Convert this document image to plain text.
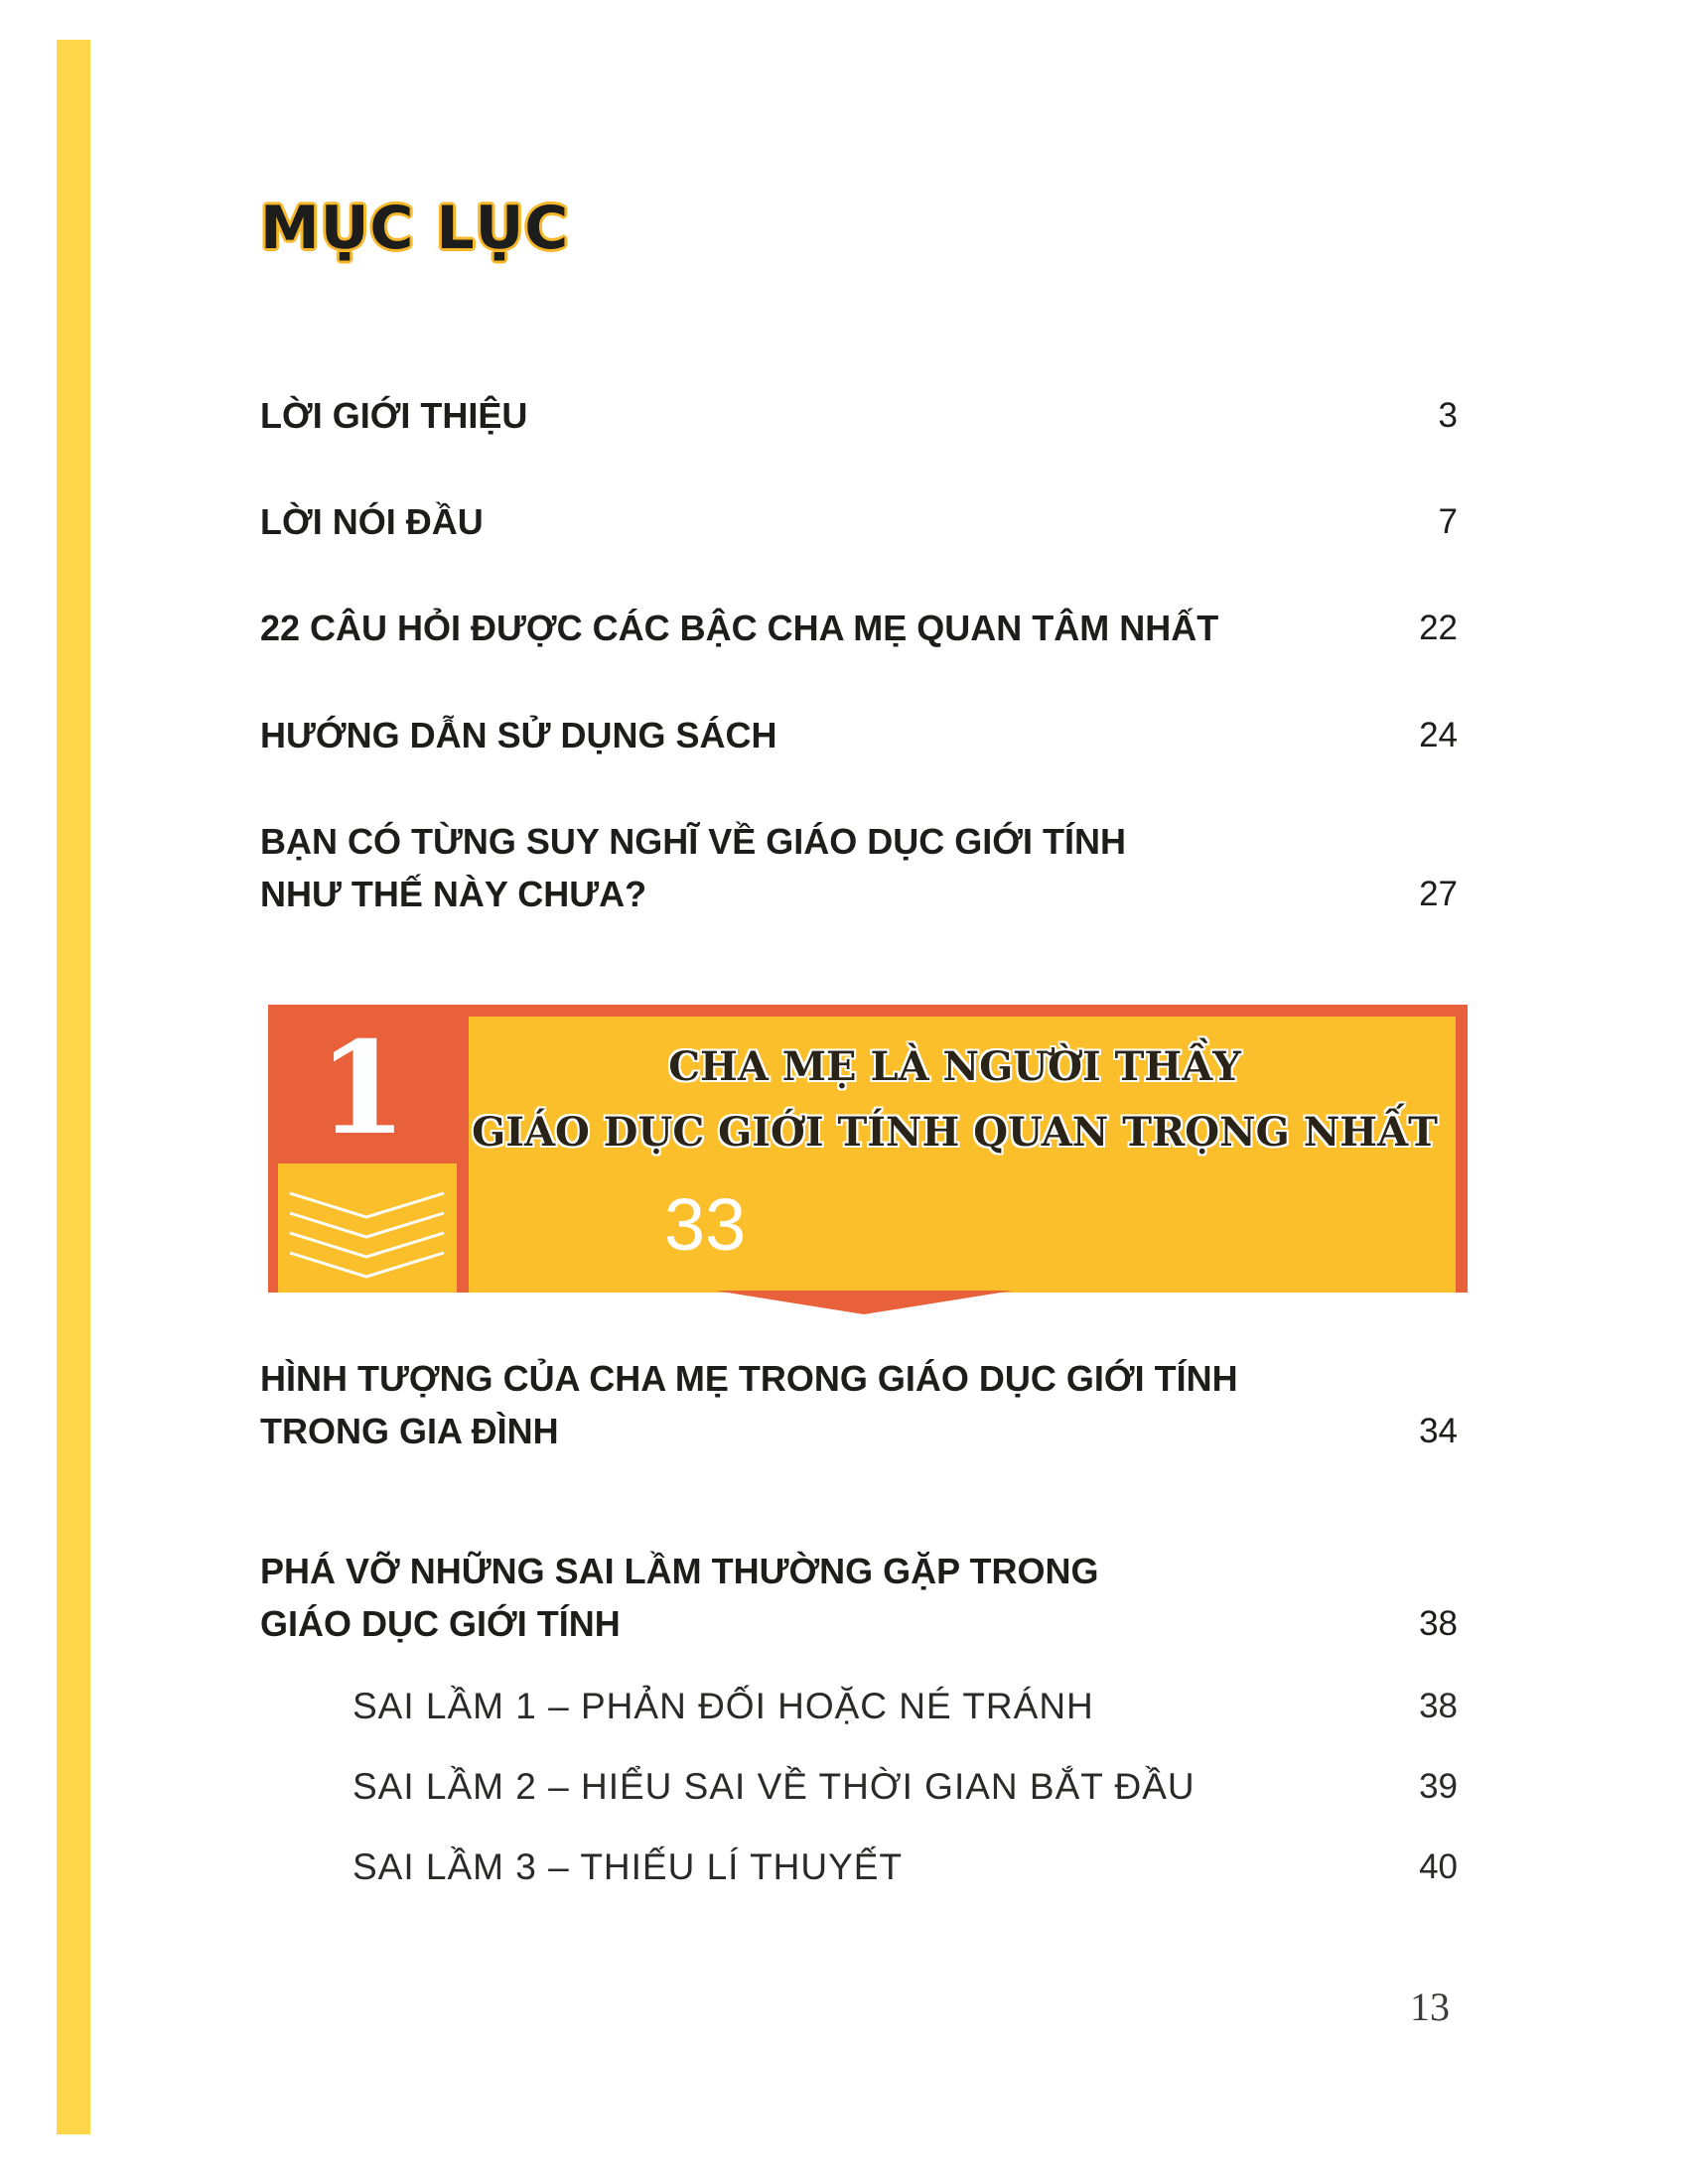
MỤC LỤC
LỜI GIỚI THIỆU	3
LỜI NÓI ĐẦU	7
22 CÂU HỎI ĐƯỢC CÁC BẬC CHA MẸ QUAN TÂM NHẤT	22
HƯỚNG DẪN SỬ DỤNG SÁCH	24
BẠN CÓ TỪNG SUY NGHĨ VỀ GIÁO DỤC GIỚI TÍNH
NHƯ THẾ NÀY CHƯA?	27
1	CHA MẸ LÀ NGƯỜI THẦY
GIÁO DỤC GIỚI TÍNH QUAN TRỌNG NHẤT
33
HÌNH TƯỢNG CỦA CHA MẸ TRONG GIÁO DỤC GIỚI TÍNH
TRONG GIA ĐÌNH	34
PHÁ VỠ NHỮNG SAI LẦM THƯỜNG GẶP TRONG
GIÁO DỤC GIỚI TÍNH	38
SAI LẦM 1 – PHẢN ĐỐI HOẶC NÉ TRÁNH	38
SAI LẦM 2 – HIỂU SAI VỀ THỜI GIAN BẮT ĐẦU	39
SAI LẦM 3 – THIẾU LÍ THUYẾT	40
13
